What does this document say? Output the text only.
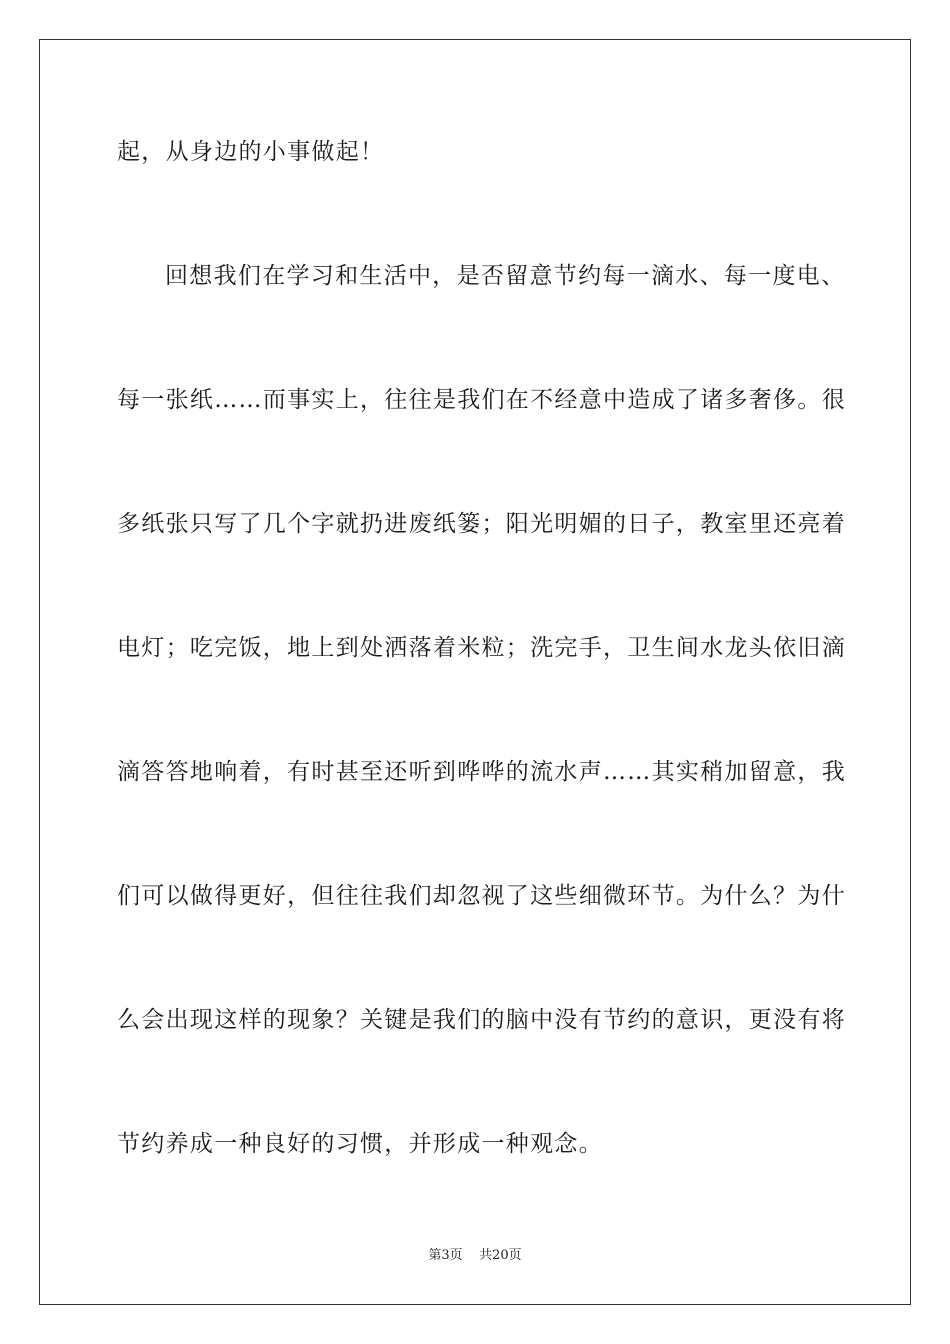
起，从身边的小事做起！
回想我们在学习和生活中，是否留意节约每一滴水、每一度电、
每一张纸……而事实上，往往是我们在不经意中造成了诸多奢侈。很
多纸张只写了几个字就扔进废纸篓；阳光明媚的日子，教室里还亮着
电灯；吃完饭，地上到处洒落着米粒；洗完手，卫生间水龙头依旧滴
滴答答地响着，有时甚至还听到哗哗的流水声……其实稍加留意，我
们可以做得更好，但往往我们却忽视了这些细微环节。为什么？为什
么会出现这样的现象？关键是我们的脑中没有节约的意识，更没有将
节约养成一种良好的习惯，并形成一种观念。
第3页 共20页
